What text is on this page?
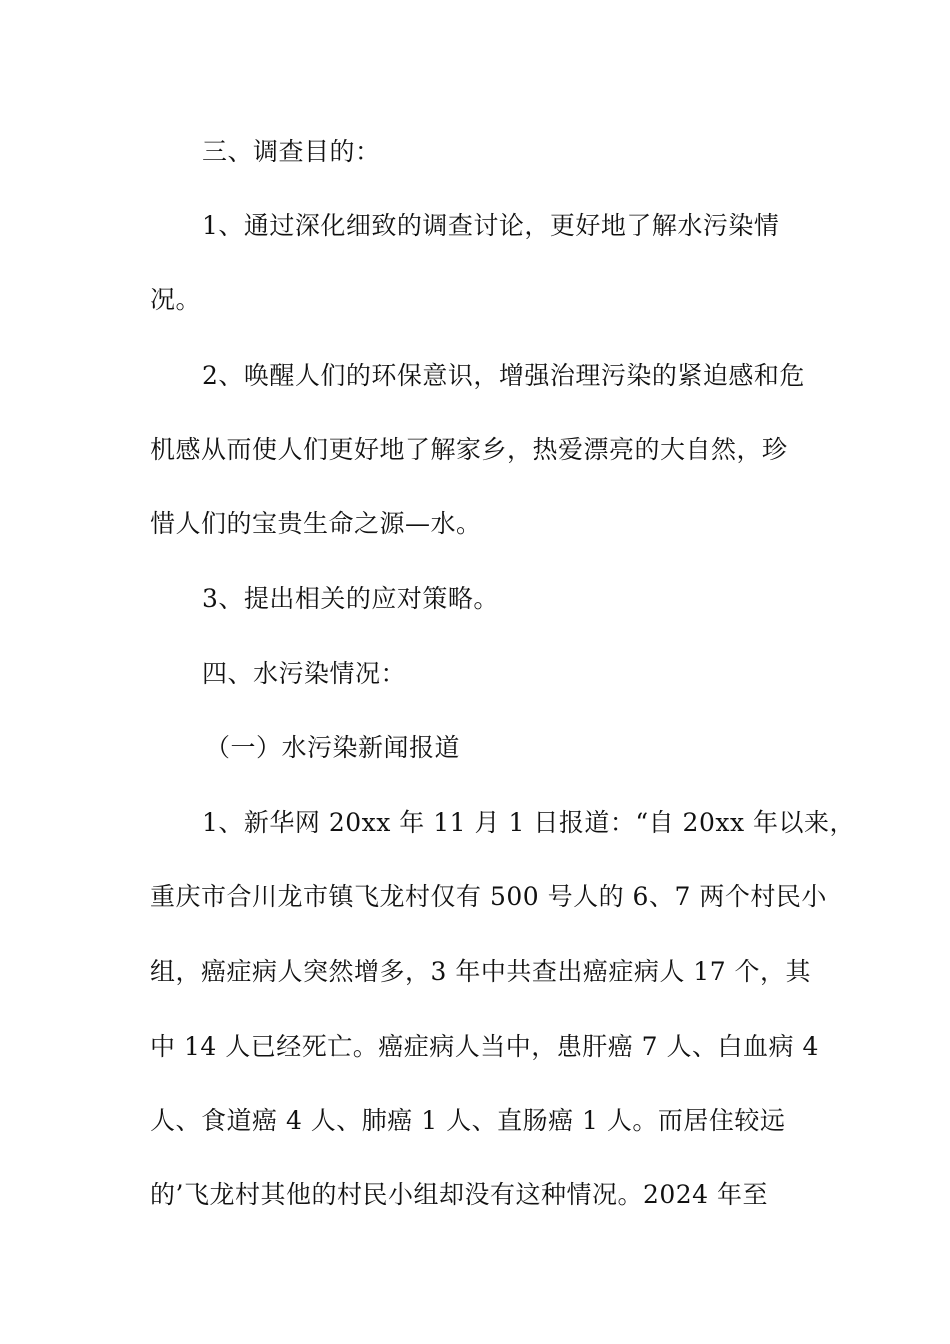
三、调查目的：
1、通过深化细致的调查讨论，更好地了解水污染情
况。
2、唤醒人们的环保意识，增强治理污染的紧迫感和危
机感从而使人们更好地了解家乡，热爱漂亮的大自然，珍
惜人们的宝贵生命之源—水。
3、提出相关的应对策略。
四、水污染情况：
（一）水污染新闻报道
1、新华网 20xx 年 11 月 1 日报道：“自 20xx 年以来，
重庆市合川龙市镇飞龙村仅有 500 号人的 6、7 两个村民小
组，癌症病人突然增多，3 年中共查出癌症病人 17 个，其
中 14 人已经死亡。癌症病人当中，患肝癌 7 人、白血病 4
人、食道癌 4 人、肺癌 1 人、直肠癌 1 人。而居住较远
的’飞龙村其他的村民小组却没有这种情况。2024 年至
